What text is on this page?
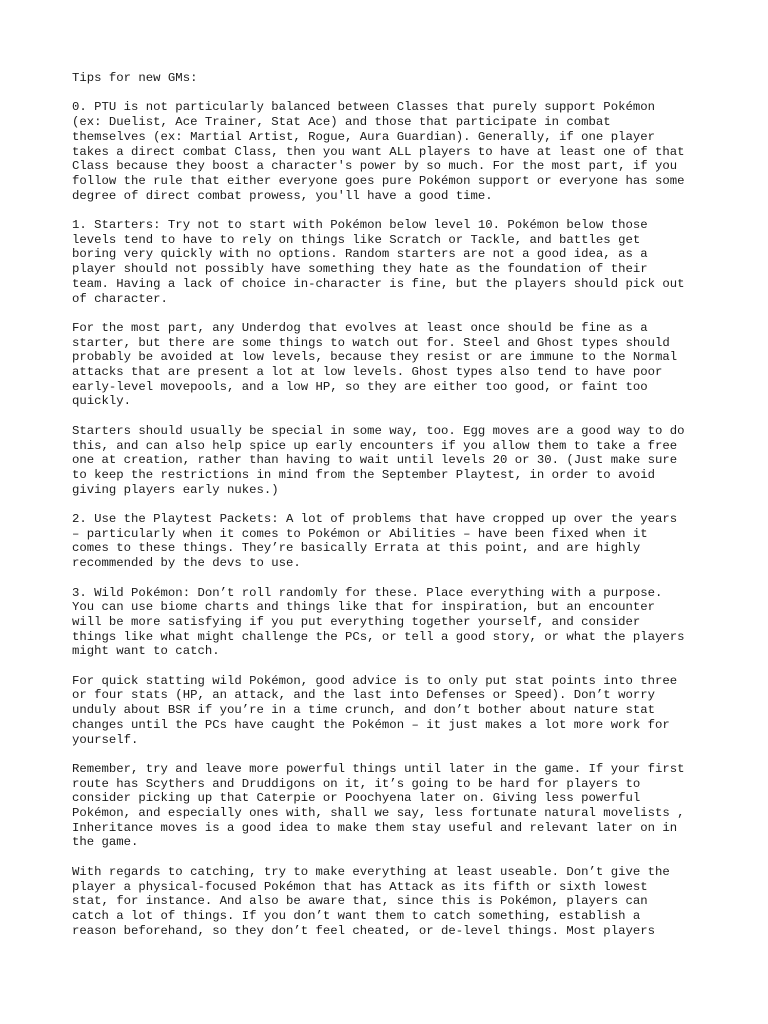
Tips for new GMs:

0. PTU is not particularly balanced between Classes that purely support Pokémon
(ex: Duelist, Ace Trainer, Stat Ace) and those that participate in combat
themselves (ex: Martial Artist, Rogue, Aura Guardian). Generally, if one player
takes a direct combat Class, then you want ALL players to have at least one of that
Class because they boost a character's power by so much. For the most part, if you
follow the rule that either everyone goes pure Pokémon support or everyone has some
degree of direct combat prowess, you'll have a good time.

1. Starters: Try not to start with Pokémon below level 10. Pokémon below those
levels tend to have to rely on things like Scratch or Tackle, and battles get
boring very quickly with no options. Random starters are not a good idea, as a
player should not possibly have something they hate as the foundation of their
team. Having a lack of choice in-character is fine, but the players should pick out
of character.

For the most part, any Underdog that evolves at least once should be fine as a
starter, but there are some things to watch out for. Steel and Ghost types should
probably be avoided at low levels, because they resist or are immune to the Normal
attacks that are present a lot at low levels. Ghost types also tend to have poor
early-level movepools, and a low HP, so they are either too good, or faint too
quickly.

Starters should usually be special in some way, too. Egg moves are a good way to do
this, and can also help spice up early encounters if you allow them to take a free
one at creation, rather than having to wait until levels 20 or 30. (Just make sure
to keep the restrictions in mind from the September Playtest, in order to avoid
giving players early nukes.)

2. Use the Playtest Packets: A lot of problems that have cropped up over the years
– particularly when it comes to Pokémon or Abilities – have been fixed when it
comes to these things. They’re basically Errata at this point, and are highly
recommended by the devs to use.

3. Wild Pokémon: Don’t roll randomly for these. Place everything with a purpose.
You can use biome charts and things like that for inspiration, but an encounter
will be more satisfying if you put everything together yourself, and consider
things like what might challenge the PCs, or tell a good story, or what the players
might want to catch.

For quick statting wild Pokémon, good advice is to only put stat points into three
or four stats (HP, an attack, and the last into Defenses or Speed). Don’t worry
unduly about BSR if you’re in a time crunch, and don’t bother about nature stat
changes until the PCs have caught the Pokémon – it just makes a lot more work for
yourself.

Remember, try and leave more powerful things until later in the game. If your first
route has Scythers and Druddigons on it, it’s going to be hard for players to
consider picking up that Caterpie or Poochyena later on. Giving less powerful
Pokémon, and especially ones with, shall we say, less fortunate natural movelists ,
Inheritance moves is a good idea to make them stay useful and relevant later on in
the game.

With regards to catching, try to make everything at least useable. Don’t give the
player a physical-focused Pokémon that has Attack as its fifth or sixth lowest
stat, for instance. And also be aware that, since this is Pokémon, players can
catch a lot of things. If you don’t want them to catch something, establish a
reason beforehand, so they don’t feel cheated, or de-level things. Most players
